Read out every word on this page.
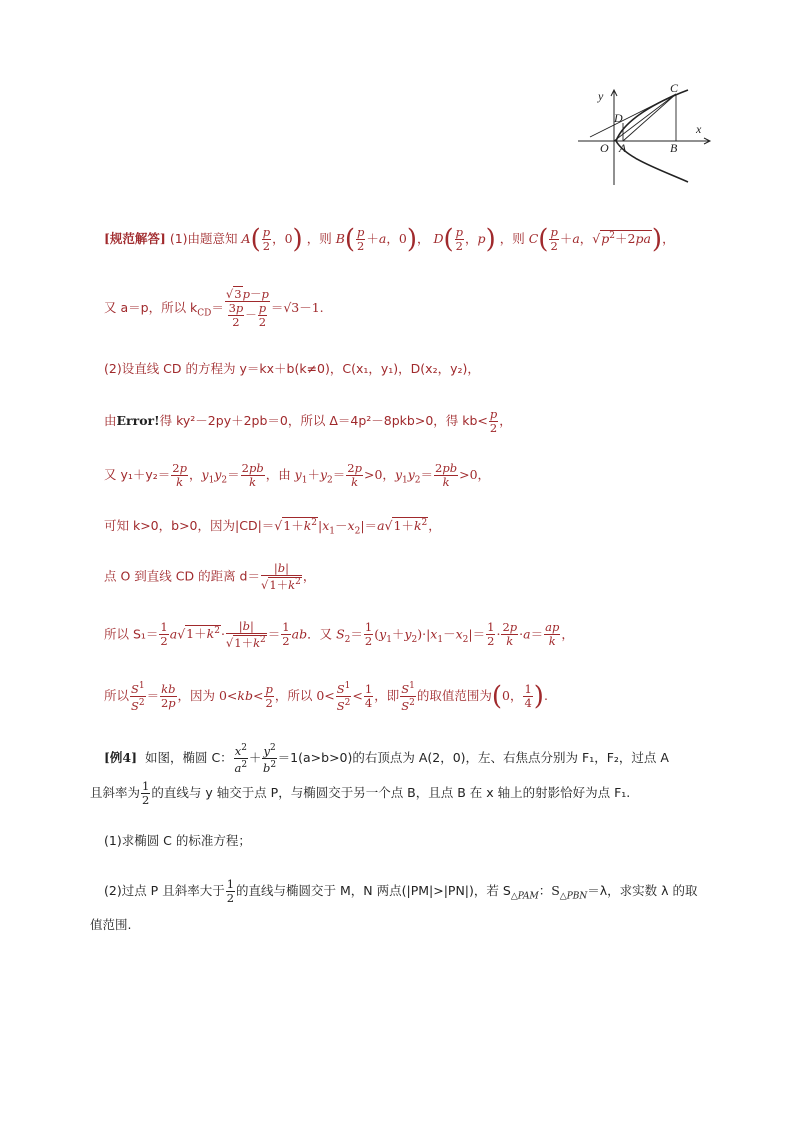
y
x
O A	B
C
D
[规范解答] (1)由题意知 $A( \frac{p}{2}$ ，0) ，则 $B( \frac{p}{2} +a$，0)， $D( \frac{p}{2}$ ，p) ，则 $C( \frac{p}{2} +a$，$√p^2+2pa$)，
又 a＝p，所以 $k_{CD}= \frac{√3p-p}{\frac{3p}{2} - \frac{p}{2}} =√3-1$.
(2)设直线 CD 的方程为 y＝kx＋b(k≠0)，C(x₁，y₁)，D(x₂，y₂)，
由Error!得 ky²－2py＋2pb＝0，所以 Δ＝4p²－8pkb>0，得 $kb< \frac{p}{2}$ ，
又 $y_1+y_2= \frac{2p}{k}$ ，$y_1y_2= \frac{2pb}{k}$ ，由 $y_1+y_2= \frac{2p}{k} >0$，$y_1y_2= \frac{2pb}{k} >0$，
可知 k>0，b>0，因为$|CD|=√1+k^2|x_1-x_2|=a√1+k^2$，
点 O 到直线 CD 的距离 $d= \frac{|b|}{√1+k^2}$ ，
所以 $S_1= \frac{1}{2} a√1+k^2\cdot \frac{|b|}{√1+k^2} = \frac{1}{2}$ ab．又 $S_2= \frac{1}{2} (y_1+y_2)\cdot|x_1-x_2|= \frac{1}{2} \cdot \frac{2p}{k} \cdot a= \frac{ap}{k}$ ，
所以 $\frac{S^1}{S^2} = \frac{kb}{2p}$ ，因为 $0<kb< \frac{p}{2}$ ，所以 $0< \frac{S^1}{S^2} < \frac{1}{4}$ ，即 $\frac{S^1}{S^2}$ 的取值范围为(0， $\frac{1}{4}$ ).
[例4] 如图，椭圆 C： $\frac{x^2}{a^2} + \frac{y^2}{b^2} =1(a>b>0)$的右顶点为 A(2，0)，左、右焦点分别为 F₁，F₂，过点 A
且斜率为 $\frac{1}{2}$ 的直线与 y 轴交于点 P，与椭圆交于另一个点 B，且点 B 在 x 轴上的射影恰好为点 F₁.
(1)求椭圆 C 的标准方程；
(2)过点 P 且斜率大于 $\frac{1}{2}$ 的直线与椭圆交于 M，N 两点(|PM|>|PN|)，若 $S_{\triangle PAM}$：$S_{\triangle PBN}=\lambda$，求实数 λ 的取
值范围.
